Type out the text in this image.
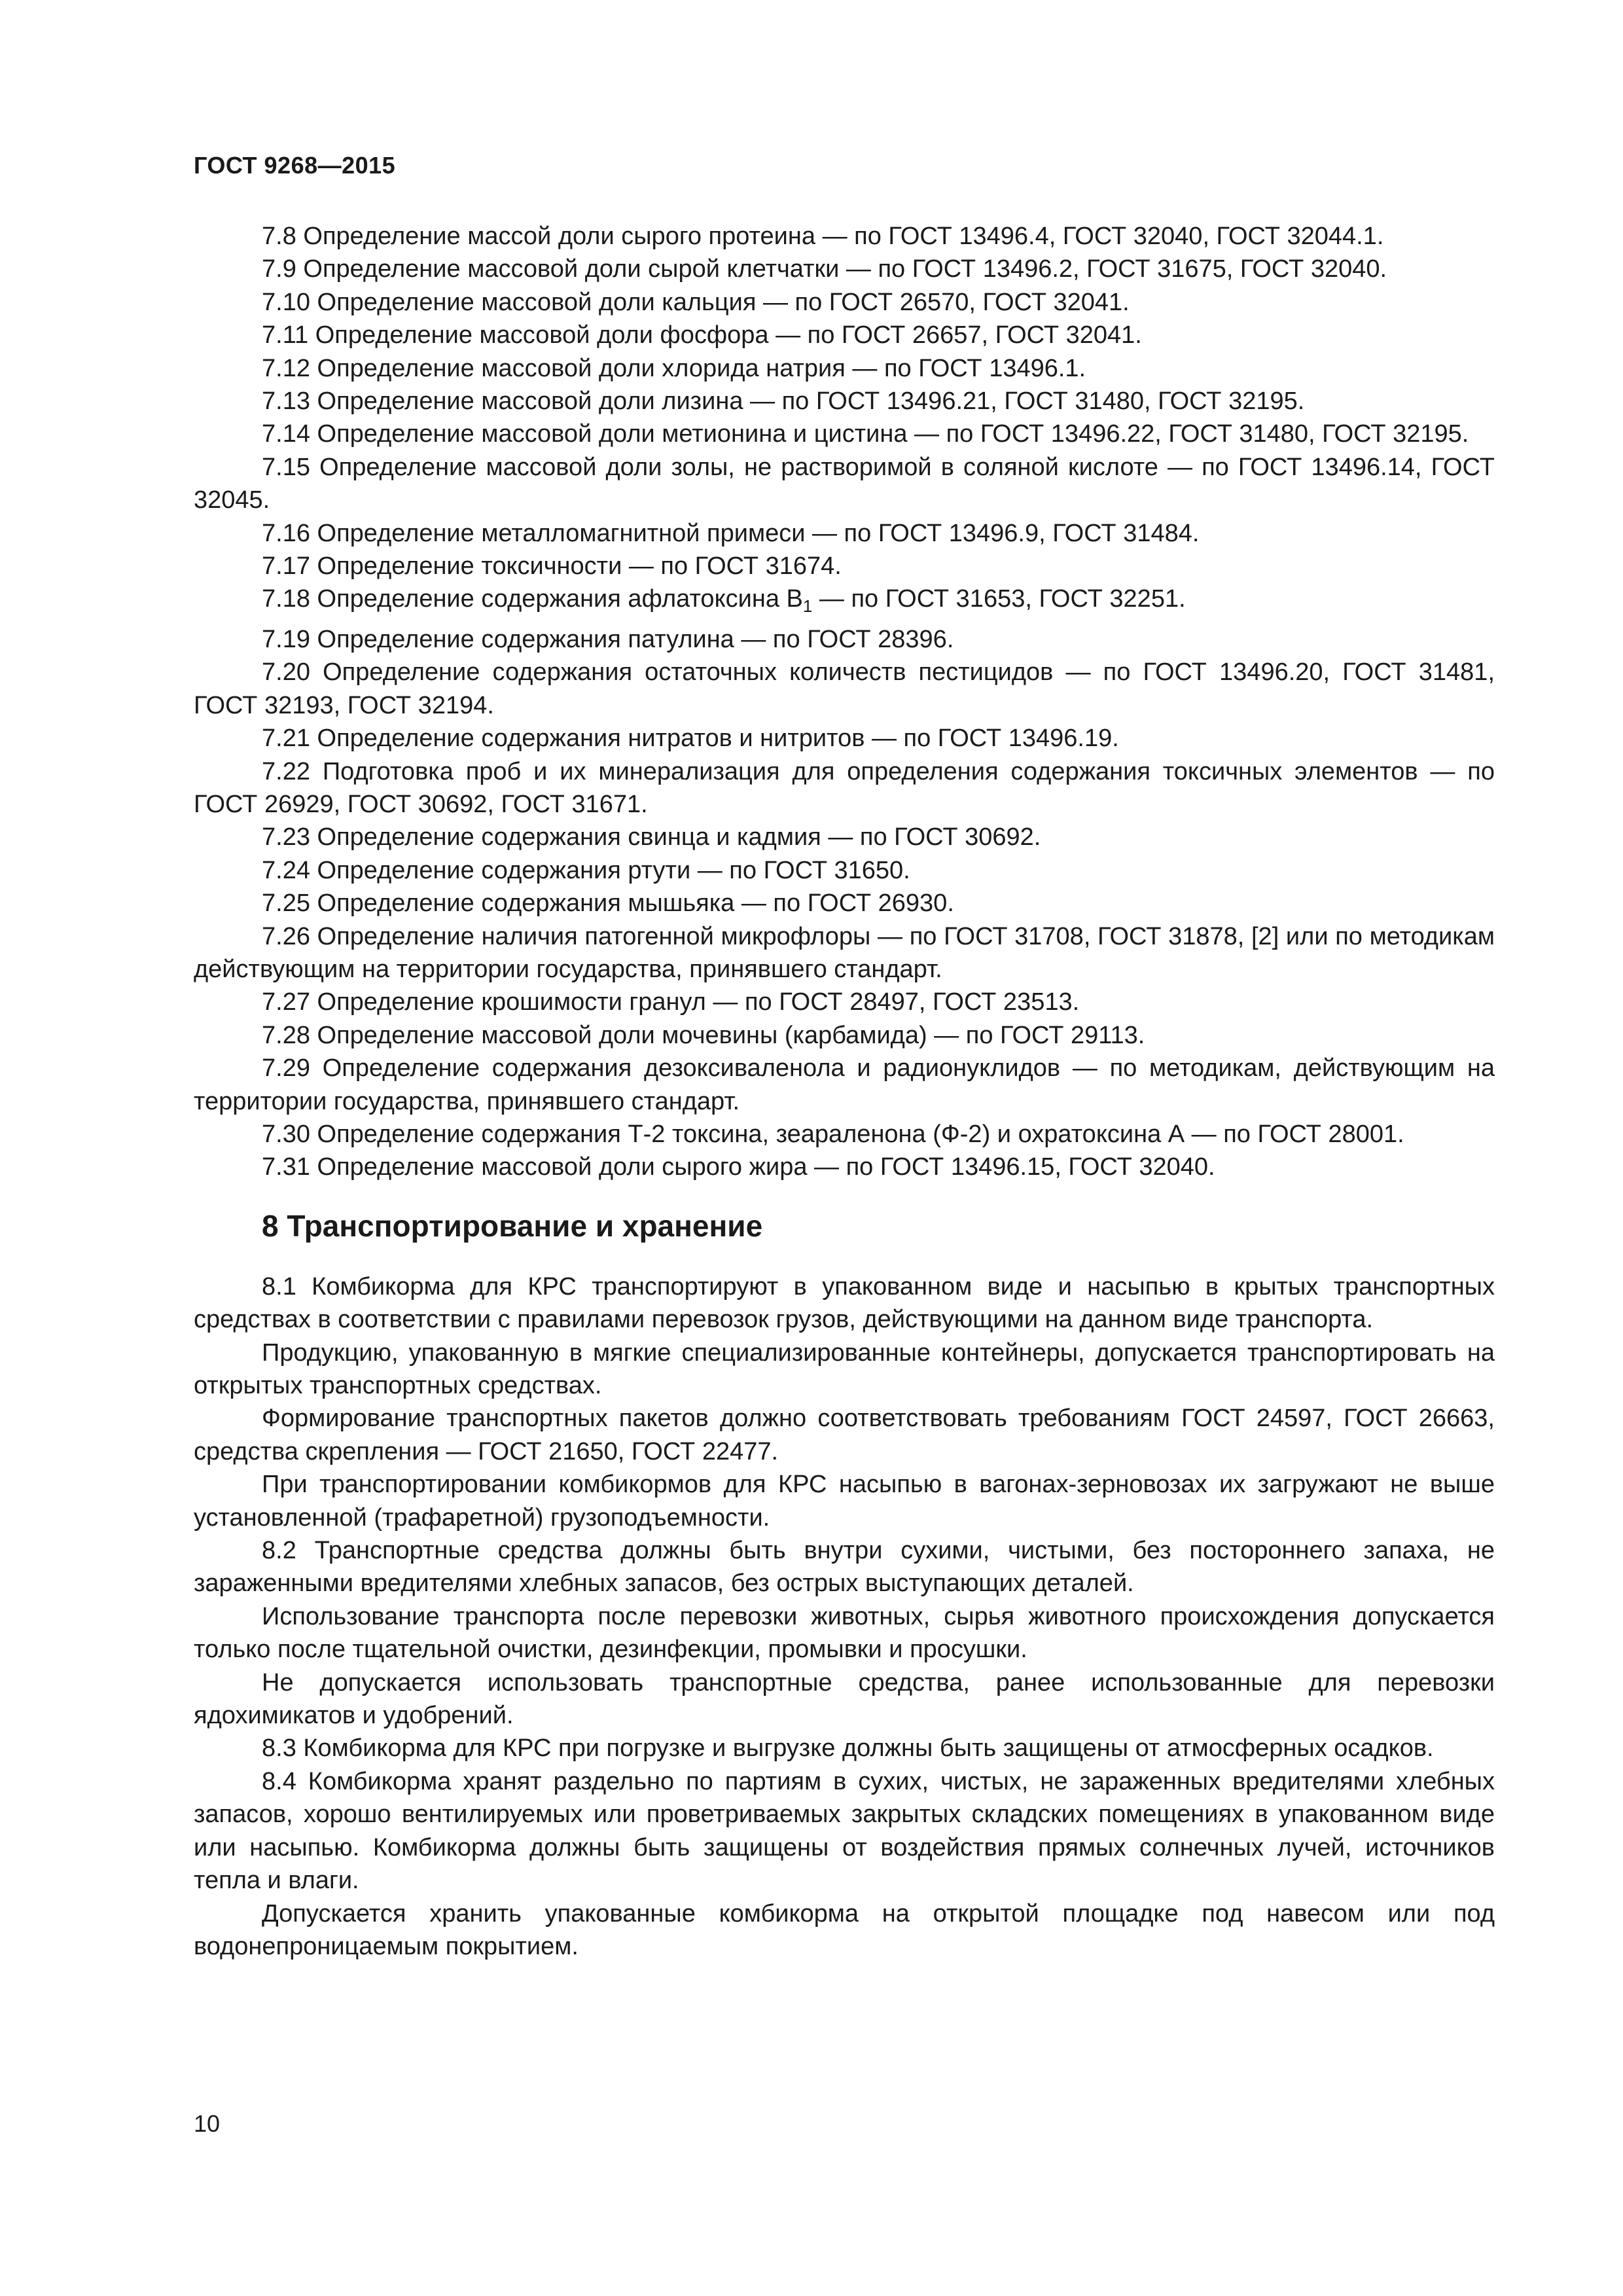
ГОСТ 9268—2015

7.8 Определение массой доли сырого протеина — по ГОСТ 13496.4, ГОСТ 32040, ГОСТ 32044.1.

7.9 Определение массовой доли сырой клетчатки — по ГОСТ 13496.2, ГОСТ 31675, ГОСТ 32040.

7.10 Определение массовой доли кальция — по ГОСТ 26570, ГОСТ 32041.

7.11 Определение массовой доли фосфора — по ГОСТ 26657, ГОСТ 32041.

7.12 Определение массовой доли хлорида натрия — по ГОСТ 13496.1.

7.13 Определение массовой доли лизина — по ГОСТ 13496.21, ГОСТ 31480, ГОСТ 32195.

7.14 Определение массовой доли метионина и цистина — по ГОСТ 13496.22, ГОСТ 31480, ГОСТ 32195.

7.15 Определение массовой доли золы, не растворимой в соляной кислоте — по ГОСТ 13496.14, ГОСТ 32045.

7.16 Определение металломагнитной примеси — по ГОСТ 13496.9, ГОСТ 31484.

7.17 Определение токсичности — по ГОСТ 31674.

7.18 Определение содержания афлатоксина $B_1$ — по ГОСТ 31653, ГОСТ 32251.

7.19 Определение содержания патулина — по ГОСТ 28396.

7.20 Определение содержания остаточных количеств пестицидов — по ГОСТ 13496.20, ГОСТ 31481, ГОСТ 32193, ГОСТ 32194.

7.21 Определение содержания нитратов и нитритов — по ГОСТ 13496.19.

7.22 Подготовка проб и их минерализация для определения содержания токсичных элементов — по ГОСТ 26929, ГОСТ 30692, ГОСТ 31671.

7.23 Определение содержания свинца и кадмия — по ГОСТ 30692.

7.24 Определение содержания ртути — по ГОСТ 31650.

7.25 Определение содержания мышьяка — по ГОСТ 26930.

7.26 Определение наличия патогенной микрофлоры — по ГОСТ 31708, ГОСТ 31878, [2] или по методикам действующим на территории государства, принявшего стандарт.

7.27 Определение крошимости гранул — по ГОСТ 28497, ГОСТ 23513.

7.28 Определение массовой доли мочевины (карбамида) — по ГОСТ 29113.

7.29 Определение содержания дезоксиваленола и радионуклидов — по методикам, действующим на территории государства, принявшего стандарт.

7.30 Определение содержания Т-2 токсина, зеараленона (Ф-2) и охратоксина А — по ГОСТ 28001.

7.31 Определение массовой доли сырого жира — по ГОСТ 13496.15, ГОСТ 32040.

8 Транспортирование и хранение

8.1 Комбикорма для КРС транспортируют в упакованном виде и насыпью в крытых транспортных средствах в соответствии с правилами перевозок грузов, действующими на данном виде транспорта.

Продукцию, упакованную в мягкие специализированные контейнеры, допускается транспортировать на открытых транспортных средствах.

Формирование транспортных пакетов должно соответствовать требованиям ГОСТ 24597, ГОСТ 26663, средства скрепления — ГОСТ 21650, ГОСТ 22477.

При транспортировании комбикормов для КРС насыпью в вагонах-зерновозах их загружают не выше установленной (трафаретной) грузоподъемности.

8.2 Транспортные средства должны быть внутри сухими, чистыми, без постороннего запаха, не зараженными вредителями хлебных запасов, без острых выступающих деталей.

Использование транспорта после перевозки животных, сырья животного происхождения допускается только после тщательной очистки, дезинфекции, промывки и просушки.

Не допускается использовать транспортные средства, ранее использованные для перевозки ядохимикатов и удобрений.

8.3 Комбикорма для КРС при погрузке и выгрузке должны быть защищены от атмосферных осадков.

8.4 Комбикорма хранят раздельно по партиям в сухих, чистых, не зараженных вредителями хлебных запасов, хорошо вентилируемых или проветриваемых закрытых складских помещениях в упакованном виде или насыпью. Комбикорма должны быть защищены от воздействия прямых солнечных лучей, источников тепла и влаги.

Допускается хранить упакованные комбикорма на открытой площадке под навесом или под водонепроницаемым покрытием.

10
